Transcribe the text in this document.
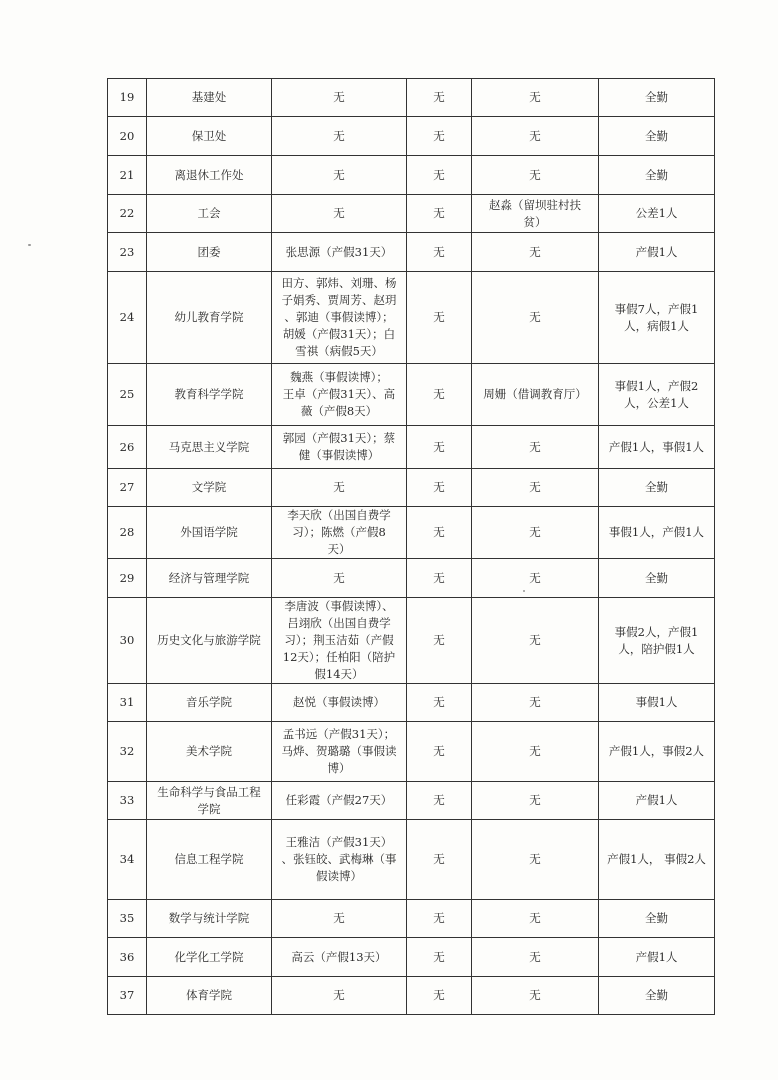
19	基建处	无	无	无	全勤
20	保卫处	无	无	无	全勤
21	离退休工作处	无	无	无	全勤
22	工会	无	无	赵淼（留坝驻村扶
贫）	公差1人
23	团委	张思源（产假31天）	无	无	产假1人
24	幼儿教育学院	田方、郭炜、刘珊、杨
子娟秀、贾周芳、赵玥
、郭迪（事假读博）；
胡媛（产假31天）；白
雪祺（病假5天）	无	无	事假7人，产假1
人，病假1人
25	教育科学学院	魏燕（事假读博）；
王卓（产假31天）、高
薇（产假8天）	无	周姗（借调教育厅）	事假1人，产假2
人，公差1人
26	马克思主义学院	郭园（产假31天）；蔡
健（事假读博）	无	无	产假1人，事假1人
27	文学院	无	无	无	全勤
28	外国语学院	李天欣（出国自费学
习）；陈燃（产假8
天）	无	无	事假1人，产假1人
29	经济与管理学院	无	无	无	全勤
30	历史文化与旅游学院	李唐波（事假读博）、
吕翊欣（出国自费学
习）；荆玉洁茹（产假
12天）；任柏阳（陪护
假14天）	无	无	事假2人，产假1
人，陪护假1人
31	音乐学院	赵悦（事假读博）	无	无	事假1人
32	美术学院	孟书远（产假31天）；
马烨、贺璐璐（事假读
博）	无	无	产假1人，事假2人
33	生命科学与食品工程
学院	任彩霞（产假27天）	无	无	产假1人
34	信息工程学院	王雅洁（产假31天）
、张钰皎、武梅琳（事
假读博）	无	无	产假1人， 事假2人
35	数学与统计学院	无	无	无	全勤
36	化学化工学院	高云（产假13天）	无	无	产假1人
37	体育学院	无	无	无	全勤
